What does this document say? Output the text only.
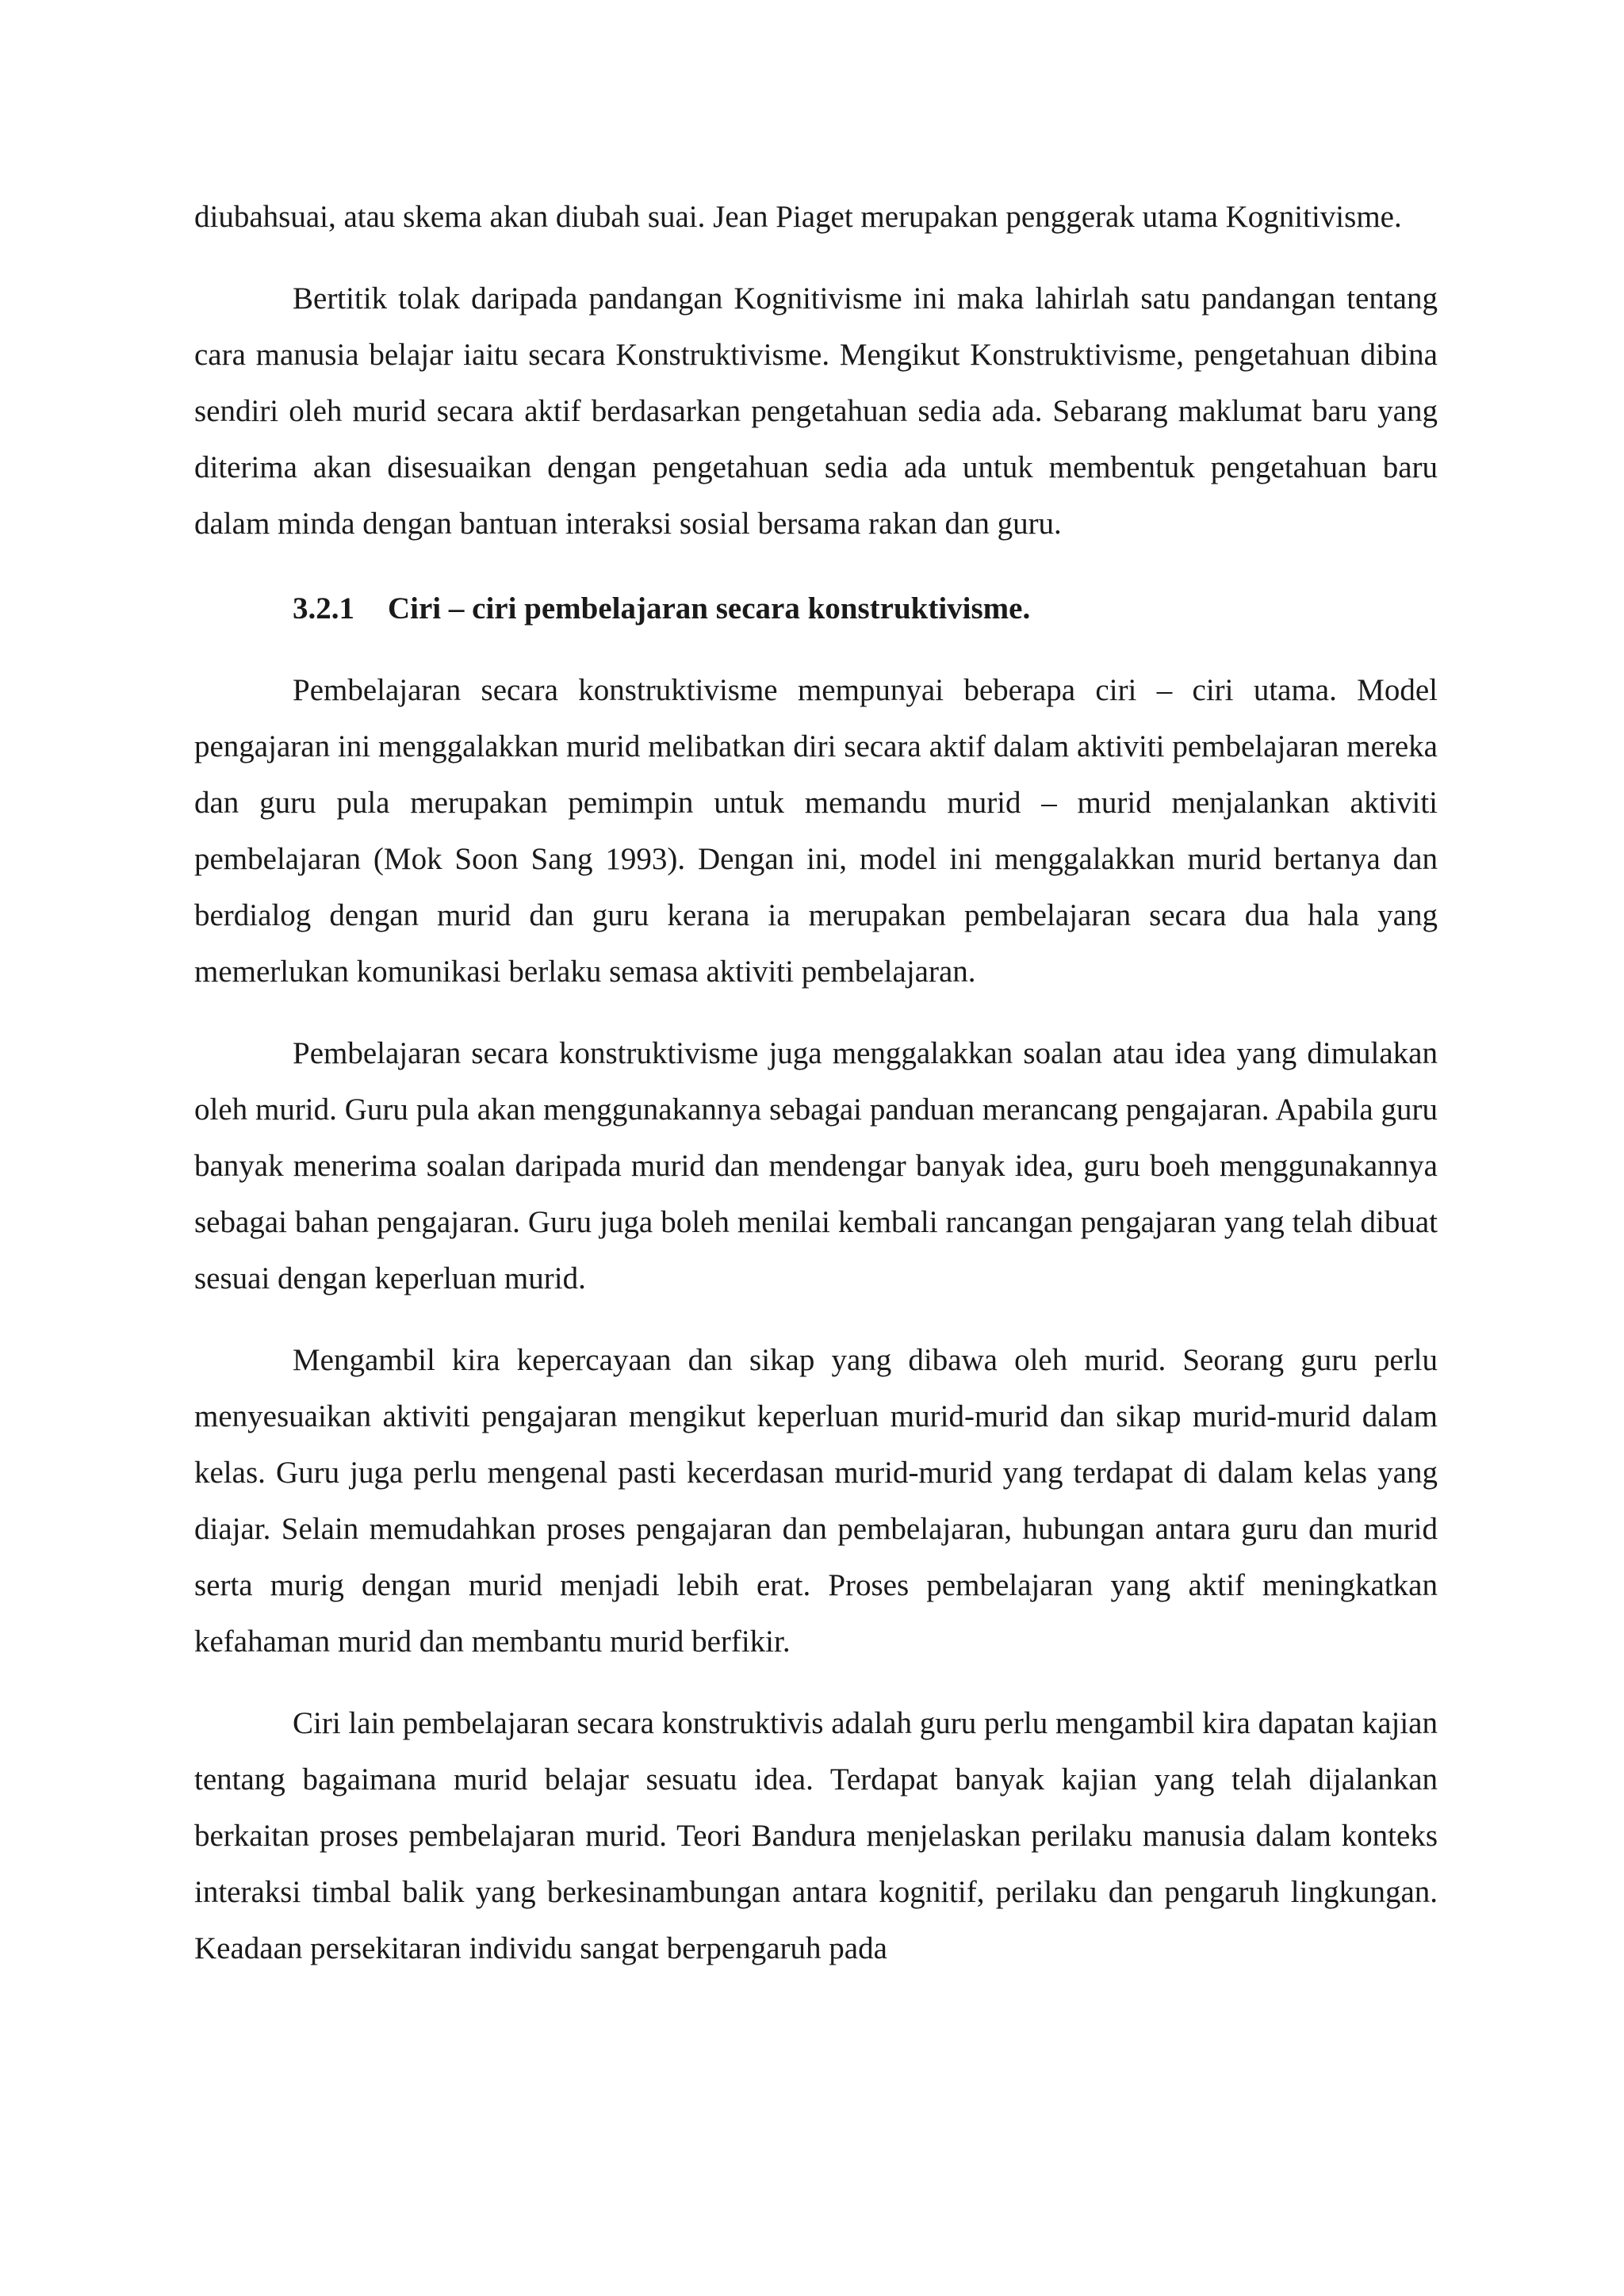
diubahsuai, atau skema akan diubah suai. Jean Piaget merupakan penggerak utama Kognitivisme.

Bertitik tolak daripada pandangan Kognitivisme ini maka lahirlah satu pandangan tentang cara manusia belajar iaitu secara Konstruktivisme. Mengikut Konstruktivisme, pengetahuan dibina sendiri oleh murid secara aktif berdasarkan pengetahuan sedia ada. Sebarang maklumat baru yang diterima akan disesuaikan dengan pengetahuan sedia ada untuk membentuk pengetahuan baru dalam minda dengan bantuan interaksi sosial bersama rakan dan guru.

3.2.1 Ciri – ciri pembelajaran secara konstruktivisme.

Pembelajaran secara konstruktivisme mempunyai beberapa ciri – ciri utama. Model pengajaran ini menggalakkan murid melibatkan diri secara aktif dalam aktiviti pembelajaran mereka dan guru pula merupakan pemimpin untuk memandu murid – murid menjalankan aktiviti pembelajaran (Mok Soon Sang 1993). Dengan ini, model ini menggalakkan murid bertanya dan berdialog dengan murid dan guru kerana ia merupakan pembelajaran secara dua hala yang memerlukan komunikasi berlaku semasa aktiviti pembelajaran.

Pembelajaran secara konstruktivisme juga menggalakkan soalan atau idea yang dimulakan oleh murid. Guru pula akan menggunakannya sebagai panduan merancang pengajaran. Apabila guru banyak menerima soalan daripada murid dan mendengar banyak idea, guru boeh menggunakannya sebagai bahan pengajaran. Guru juga boleh menilai kembali rancangan pengajaran yang telah dibuat sesuai dengan keperluan murid.

Mengambil kira kepercayaan dan sikap yang dibawa oleh murid. Seorang guru perlu menyesuaikan aktiviti pengajaran mengikut keperluan murid-murid dan sikap murid-murid dalam kelas. Guru juga perlu mengenal pasti kecerdasan murid-murid yang terdapat di dalam kelas yang diajar. Selain memudahkan proses pengajaran dan pembelajaran, hubungan antara guru dan murid serta murig dengan murid menjadi lebih erat. Proses pembelajaran yang aktif meningkatkan kefahaman murid dan membantu murid berfikir.

Ciri lain pembelajaran secara konstruktivis adalah guru perlu mengambil kira dapatan kajian tentang bagaimana murid belajar sesuatu idea. Terdapat banyak kajian yang telah dijalankan berkaitan proses pembelajaran murid. Teori Bandura menjelaskan perilaku manusia dalam konteks interaksi timbal balik yang berkesinambungan antara kognitif, perilaku dan pengaruh lingkungan. Keadaan persekitaran individu sangat berpengaruh pada
